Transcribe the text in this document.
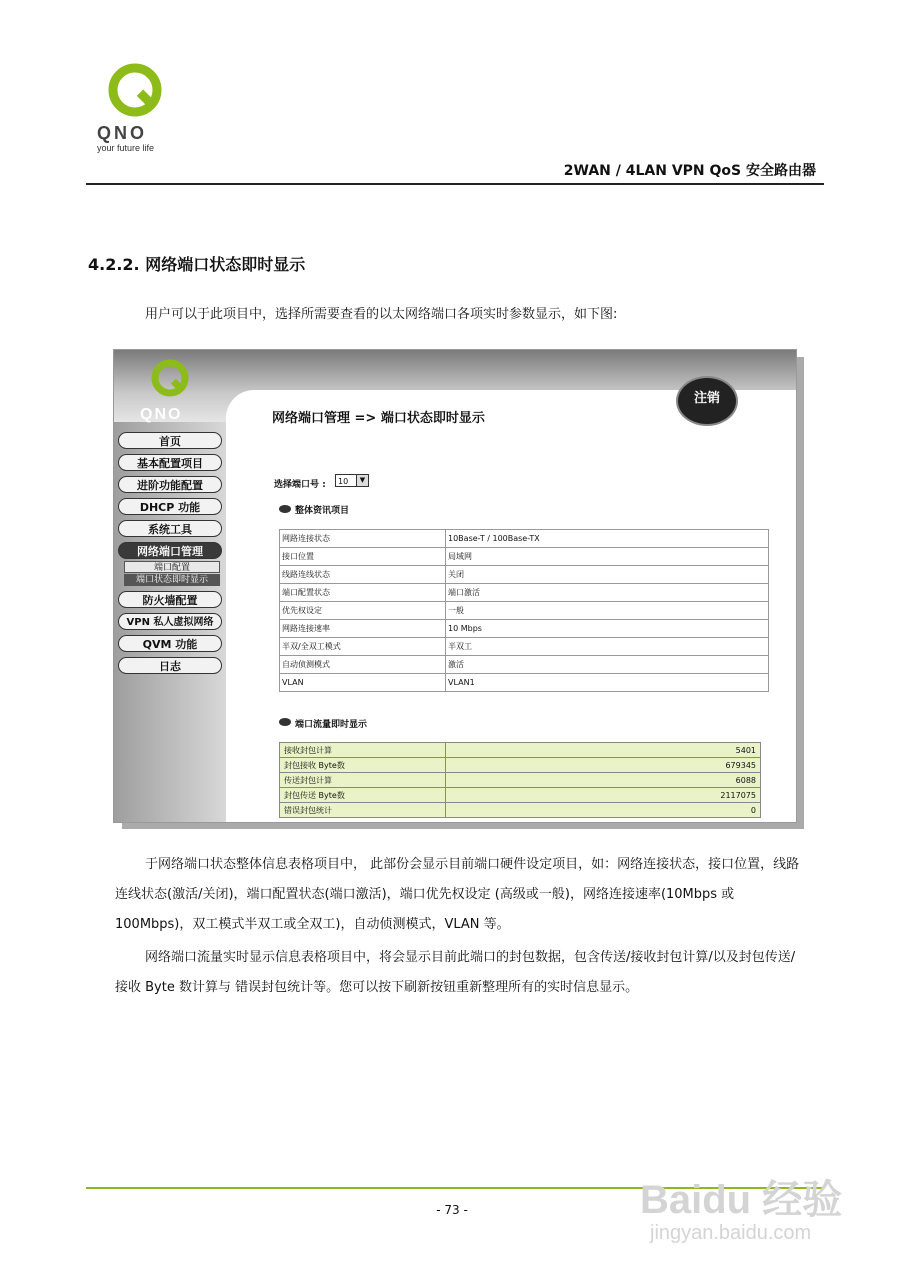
QNO
your future life
2WAN / 4LAN VPN QoS 安全路由器
4.2.2. 网络端口状态即时显示
用户可以于此项目中，选择所需要查看的以太网络端口各项实时参数显示，如下图:
QNO
注销
网络端口管理 => 端口状态即时显示
首页
基本配置项目
进阶功能配置
DHCP 功能
系统工具
网络端口管理
端口配置
端口状态即时显示
防火墙配置
VPN 私人虚拟网络
QVM 功能
日志
选择端口号 :	10	▼
整体资讯项目
网路连接状态	10Base-T / 100Base-TX
接口位置	局域网
线路连线状态	关闭
端口配置状态	端口激活
优先权设定	一般
网路连接速率	10 Mbps
半双/全双工模式	半双工
自动侦测模式	激活
VLAN	VLAN1
端口流量即时显示
接收封包计算	5401
封包接收 Byte数	679345
传送封包计算	6088
封包传送 Byte数	2117075
错误封包统计	0
于网络端口状态整体信息表格项目中， 此部份会显示目前端口硬件设定项目，如：网络连接状态，接口位置，线路连线状态(激活/关闭)，端口配置状态(端口激活)，端口优先权设定 (高级或一般)，网络连接速率(10Mbps 或 100Mbps)，双工模式半双工或全双工)，自动侦测模式，VLAN 等。
网络端口流量实时显示信息表格项目中，将会显示目前此端口的封包数据，包含传送/接收封包计算/以及封包传送/接收 Byte 数计算与 错误封包统计等。您可以按下刷新按钮重新整理所有的实时信息显示。
- 73 -	Baidu 经验
jingyan.baidu.com
